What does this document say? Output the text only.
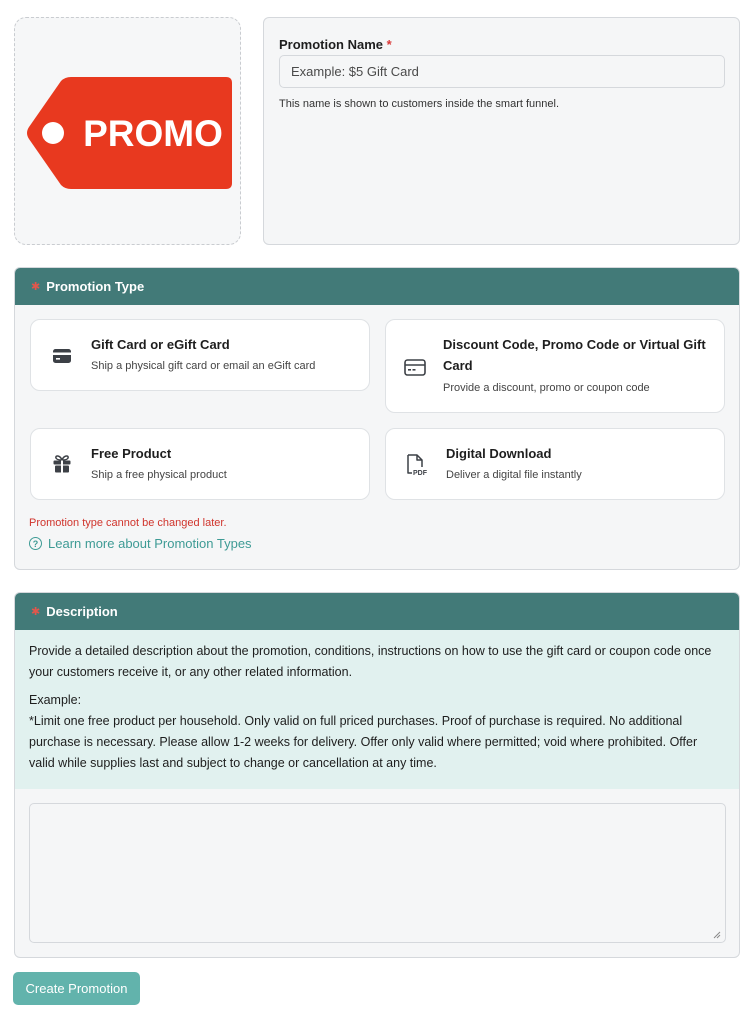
PROMO
Promotion Name *
Example: $5 Gift Card
This name is shown to customers inside the smart funnel.
✱ Promotion Type
Gift Card or eGift Card
Ship a physical gift card or email an eGift card
Discount Code, Promo Code or Virtual Gift Card
Provide a discount, promo or coupon code
Free Product
Ship a free physical product	PDF
Digital Download
Deliver a digital file instantly
Promotion type cannot be changed later.
? Learn more about Promotion Types
✱ Description

Provide a detailed description about the promotion, conditions, instructions on how to use the gift card or coupon code once your customers receive it, or any other related information.

Example:
*Limit one free product per household. Only valid on full priced purchases. Proof of purchase is required. No additional purchase is necessary. Please allow 1-2 weeks for delivery. Offer only valid where permitted; void where prohibited. Offer valid while supplies last and subject to change or cancellation at any time.
Create Promotion
